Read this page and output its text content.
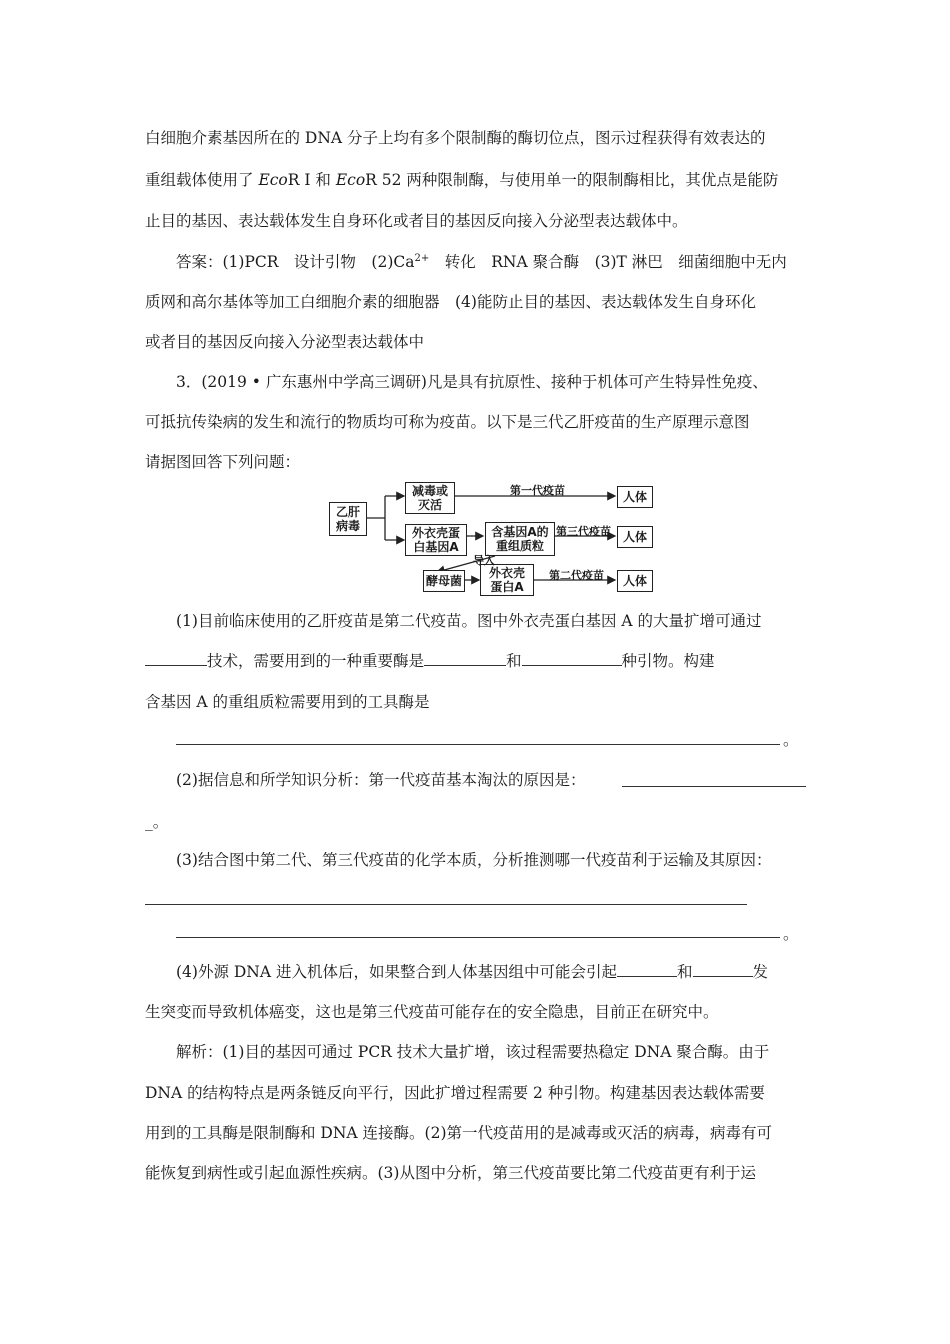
白细胞介素基因所在的 DNA 分子上均有多个限制酶的酶切位点，图示过程获得有效表达的
重组载体使用了 EcoR Ⅰ 和 EcoR 52 两种限制酶，与使用单一的限制酶相比，其优点是能防
止目的基因、表达载体发生自身环化或者目的基因反向接入分泌型表达载体中。
答案：(1)PCR　设计引物　$(2)Ca^{2+}$　转化　RNA 聚合酶　(3)T 淋巴　细菌细胞中无内
质网和高尔基体等加工白细胞介素的细胞器　(4)能防止目的基因、表达载体发生自身环化
或者目的基因反向接入分泌型表达载体中
3．(2019 • 广东惠州中学高三调研)凡是具有抗原性、接种于机体可产生特异性免疫、
可抵抗传染病的发生和流行的物质均可称为疫苗。以下是三代乙肝疫苗的生产原理示意图
请据图回答下列问题：
乙肝
病毒
减毒或
灭活
外衣壳蛋
白基因A
含基因A的
重组质粒
酵母菌
外衣壳
蛋白A
人体
人体
人体
第一代疫苗
第三代疫苗
第二代疫苗
导入
(1)目前临床使用的乙肝疫苗是第二代疫苗。图中外衣壳蛋白基因 A 的大量扩增可通过
技术，需要用到的一种重要酶是	和	种引物。构建
含基因 A 的重组质粒需要用到的工具酶是
。
(2)据信息和所学知识分析：第一代疫苗基本淘汰的原因是：
_。
(3)结合图中第二代、第三代疫苗的化学本质，分析推测哪一代疫苗利于运输及其原因：
。
(4)外源 DNA 进入机体后，如果整合到人体基因组中可能会引起	和	发
生突变而导致机体癌变，这也是第三代疫苗可能存在的安全隐患，目前正在研究中。
解析：(1)目的基因可通过 PCR 技术大量扩增，该过程需要热稳定 DNA 聚合酶。由于
DNA 的结构特点是两条链反向平行，因此扩增过程需要 2 种引物。构建基因表达载体需要
用到的工具酶是限制酶和 DNA 连接酶。(2)第一代疫苗用的是减毒或灭活的病毒，病毒有可
能恢复到病性或引起血源性疾病。(3)从图中分析，第三代疫苗要比第二代疫苗更有利于运
